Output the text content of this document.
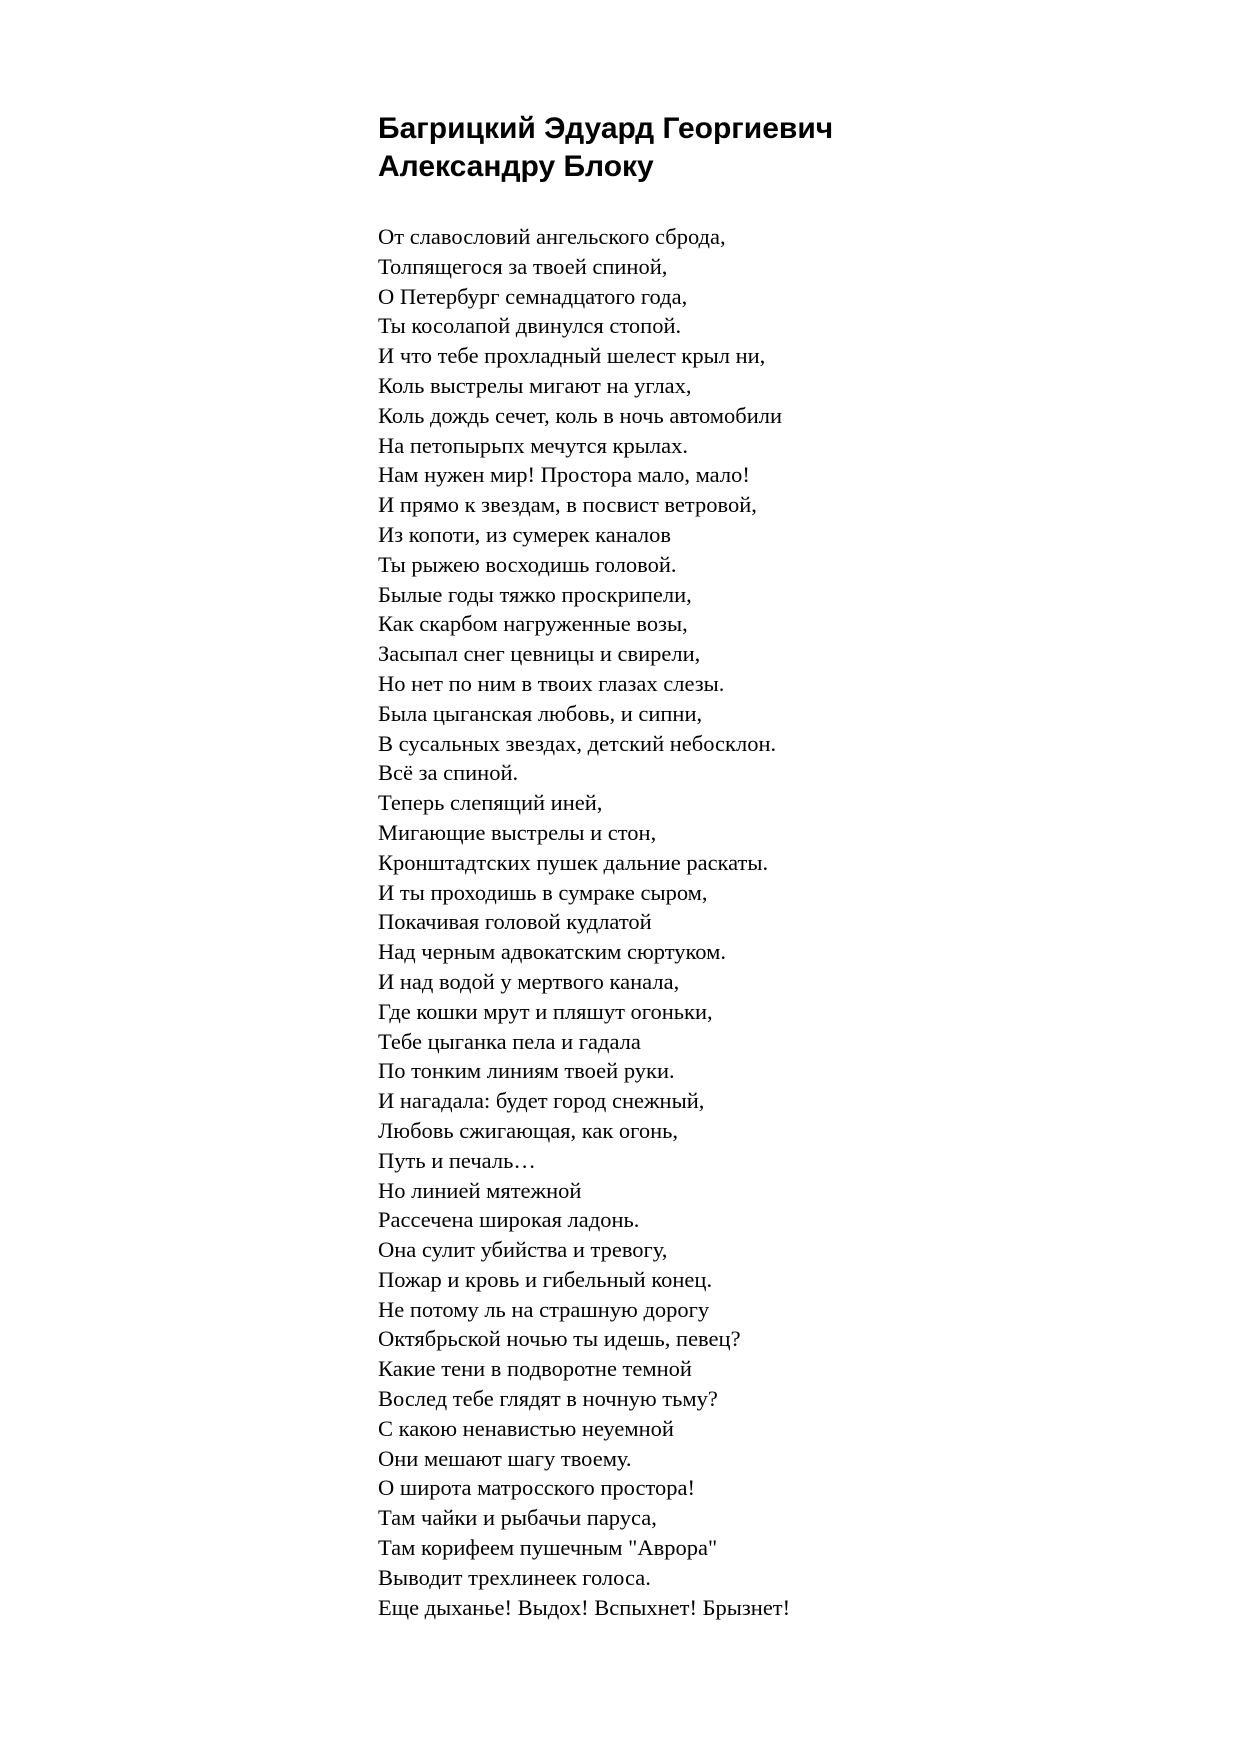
Багрицкий Эдуард Георгиевич
Александру Блоку
От славословий ангельского сброда,
Толпящегося за твоей спиной,
О Петербург семнадцатого года,
Ты косолапой двинулся стопой.
И что тебе прохладный шелест крыл ни,
Коль выстрелы мигают на углах,
Коль дождь сечет, коль в ночь автомобили
На петопырьпх мечутся крылах.
Нам нужен мир! Простора мало, мало!
И прямо к звездам, в посвист ветровой,
Из копоти, из сумерек каналов
Ты рыжею восходишь головой.
Былые годы тяжко проскрипели,
Как скарбом нагруженные возы,
Засыпал снег цевницы и свирели,
Но нет по ним в твоих глазах слезы.
Была цыганская любовь, и сипни,
В сусальных звездах, детский небосклон.
Всё за спиной.
Теперь слепящий иней,
Мигающие выстрелы и стон,
Кронштадтских пушек дальние раскаты.
И ты проходишь в сумраке сыром,
Покачивая головой кудлатой
Над черным адвокатским сюртуком.
И над водой у мертвого канала,
Где кошки мрут и пляшут огоньки,
Тебе цыганка пела и гадала
По тонким линиям твоей руки.
И нагадала: будет город снежный,
Любовь сжигающая, как огонь,
Путь и печаль…
Но линией мятежной
Рассечена широкая ладонь.
Она сулит убийства и тревогу,
Пожар и кровь и гибельный конец.
Не потому ль на страшную дорогу
Октябрьской ночью ты идешь, певец?
Какие тени в подворотне темной
Вослед тебе глядят в ночную тьму?
С какою ненавистью неуемной
Они мешают шагу твоему.
О широта матросского простора!
Там чайки и рыбачьи паруса,
Там корифеем пушечным "Аврора"
Выводит трехлинеек голоса.
Еще дыханье! Выдох! Вспыхнет! Брызнет!
